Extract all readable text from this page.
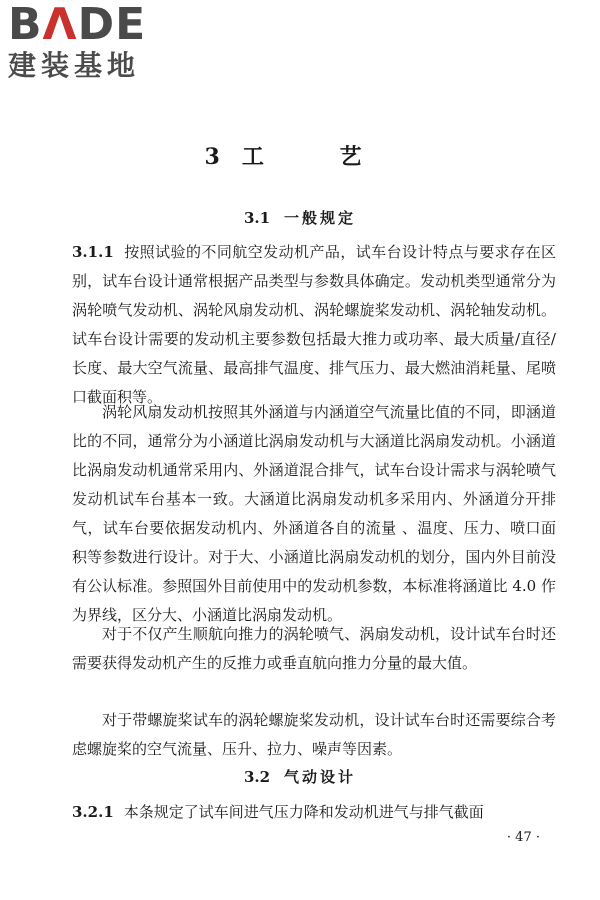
BΛDE
建装基地
3 工 艺
3.1 一般规定

3.1.1 按照试验的不同航空发动机产品，试车台设计特点与要求存在区别，试车台设计通常根据产品类型与参数具体确定。发动机类型通常分为涡轮喷气发动机、涡轮风扇发动机、涡轮螺旋桨发动机、涡轮轴发动机。试车台设计需要的发动机主要参数包括最大推力或功率、最大质量/直径/长度、最大空气流量、最高排气温度、排气压力、最大燃油消耗量、尾喷口截面积等。

涡轮风扇发动机按照其外涵道与内涵道空气流量比值的不同，即涵道比的不同，通常分为小涵道比涡扇发动机与大涵道比涡扇发动机。小涵道比涡扇发动机通常采用内、外涵道混合排气，试车台设计需求与涡轮喷气发动机试车台基本一致。大涵道比涡扇发动机多采用内、外涵道分开排气，试车台要依据发动机内、外涵道各自的流量 、温度、压力、喷口面积等参数进行设计。对于大、小涵道比涡扇发动机的划分，国内外目前没有公认标准。参照国外目前使用中的发动机参数，本标准将涵道比 4.0 作为界线，区分大、小涵道比涡扇发动机。

对于不仅产生顺航向推力的涡轮喷气、涡扇发动机，设计试车台时还需要获得发动机产生的反推力或垂直航向推力分量的最大值。

对于带螺旋桨试车的涡轮螺旋桨发动机，设计试车台时还需要综合考虑螺旋桨的空气流量、压升、拉力、噪声等因素。

3.2 气动设计

3.2.1 本条规定了试车间进气压力降和发动机进气与排气截面

· 47 ·
